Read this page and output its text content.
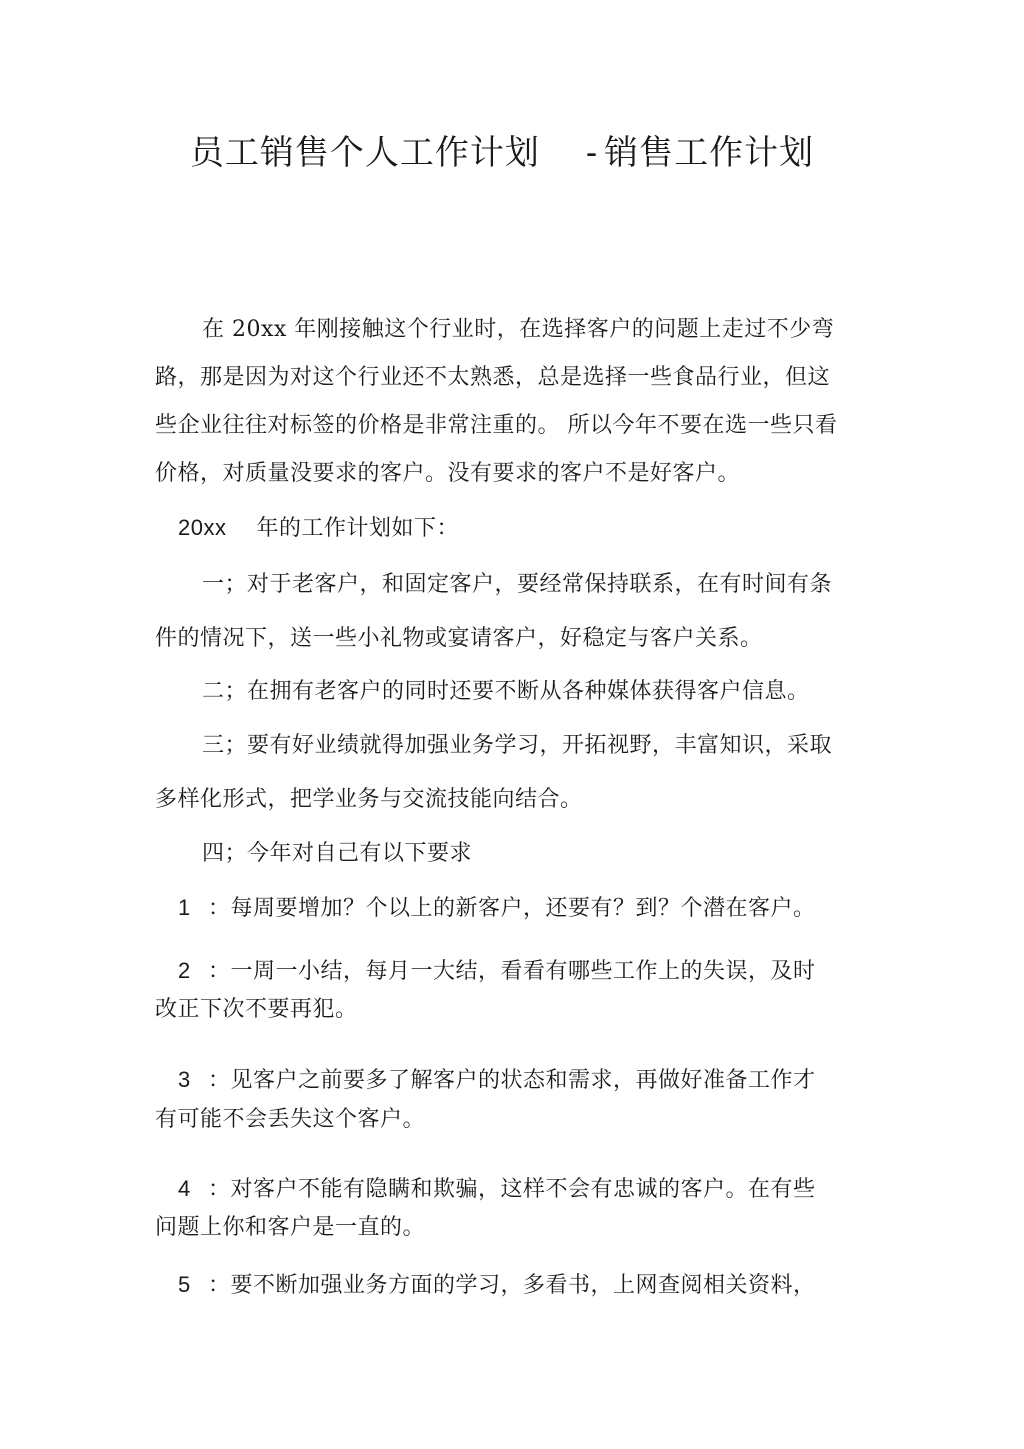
员工销售个人工作计划 - 销售工作计划
在 20xx 年刚接触这个行业时，在选择客户的问题上走过不少弯
路，那是因为对这个行业还不太熟悉，总是选择一些食品行业，但这
些企业往往对标签的价格是非常注重的。 所以今年不要在选一些只看
价格，对质量没要求的客户。没有要求的客户不是好客户。
20xx 年的工作计划如下：
一；对于老客户，和固定客户，要经常保持联系，在有时间有条
件的情况下，送一些小礼物或宴请客户，好稳定与客户关系。
二；在拥有老客户的同时还要不断从各种媒体获得客户信息。
三；要有好业绩就得加强业务学习，开拓视野，丰富知识，采取
多样化形式，把学业务与交流技能向结合。
四；今年对自己有以下要求
1 ：每周要增加？个以上的新客户，还要有？到？个潜在客户。
2 ：一周一小结，每月一大结，看看有哪些工作上的失误，及时
改正下次不要再犯。
3 ：见客户之前要多了解客户的状态和需求，再做好准备工作才
有可能不会丢失这个客户。
4 ：对客户不能有隐瞒和欺骗，这样不会有忠诚的客户。在有些
问题上你和客户是一直的。
5 ：要不断加强业务方面的学习，多看书，上网查阅相关资料，
